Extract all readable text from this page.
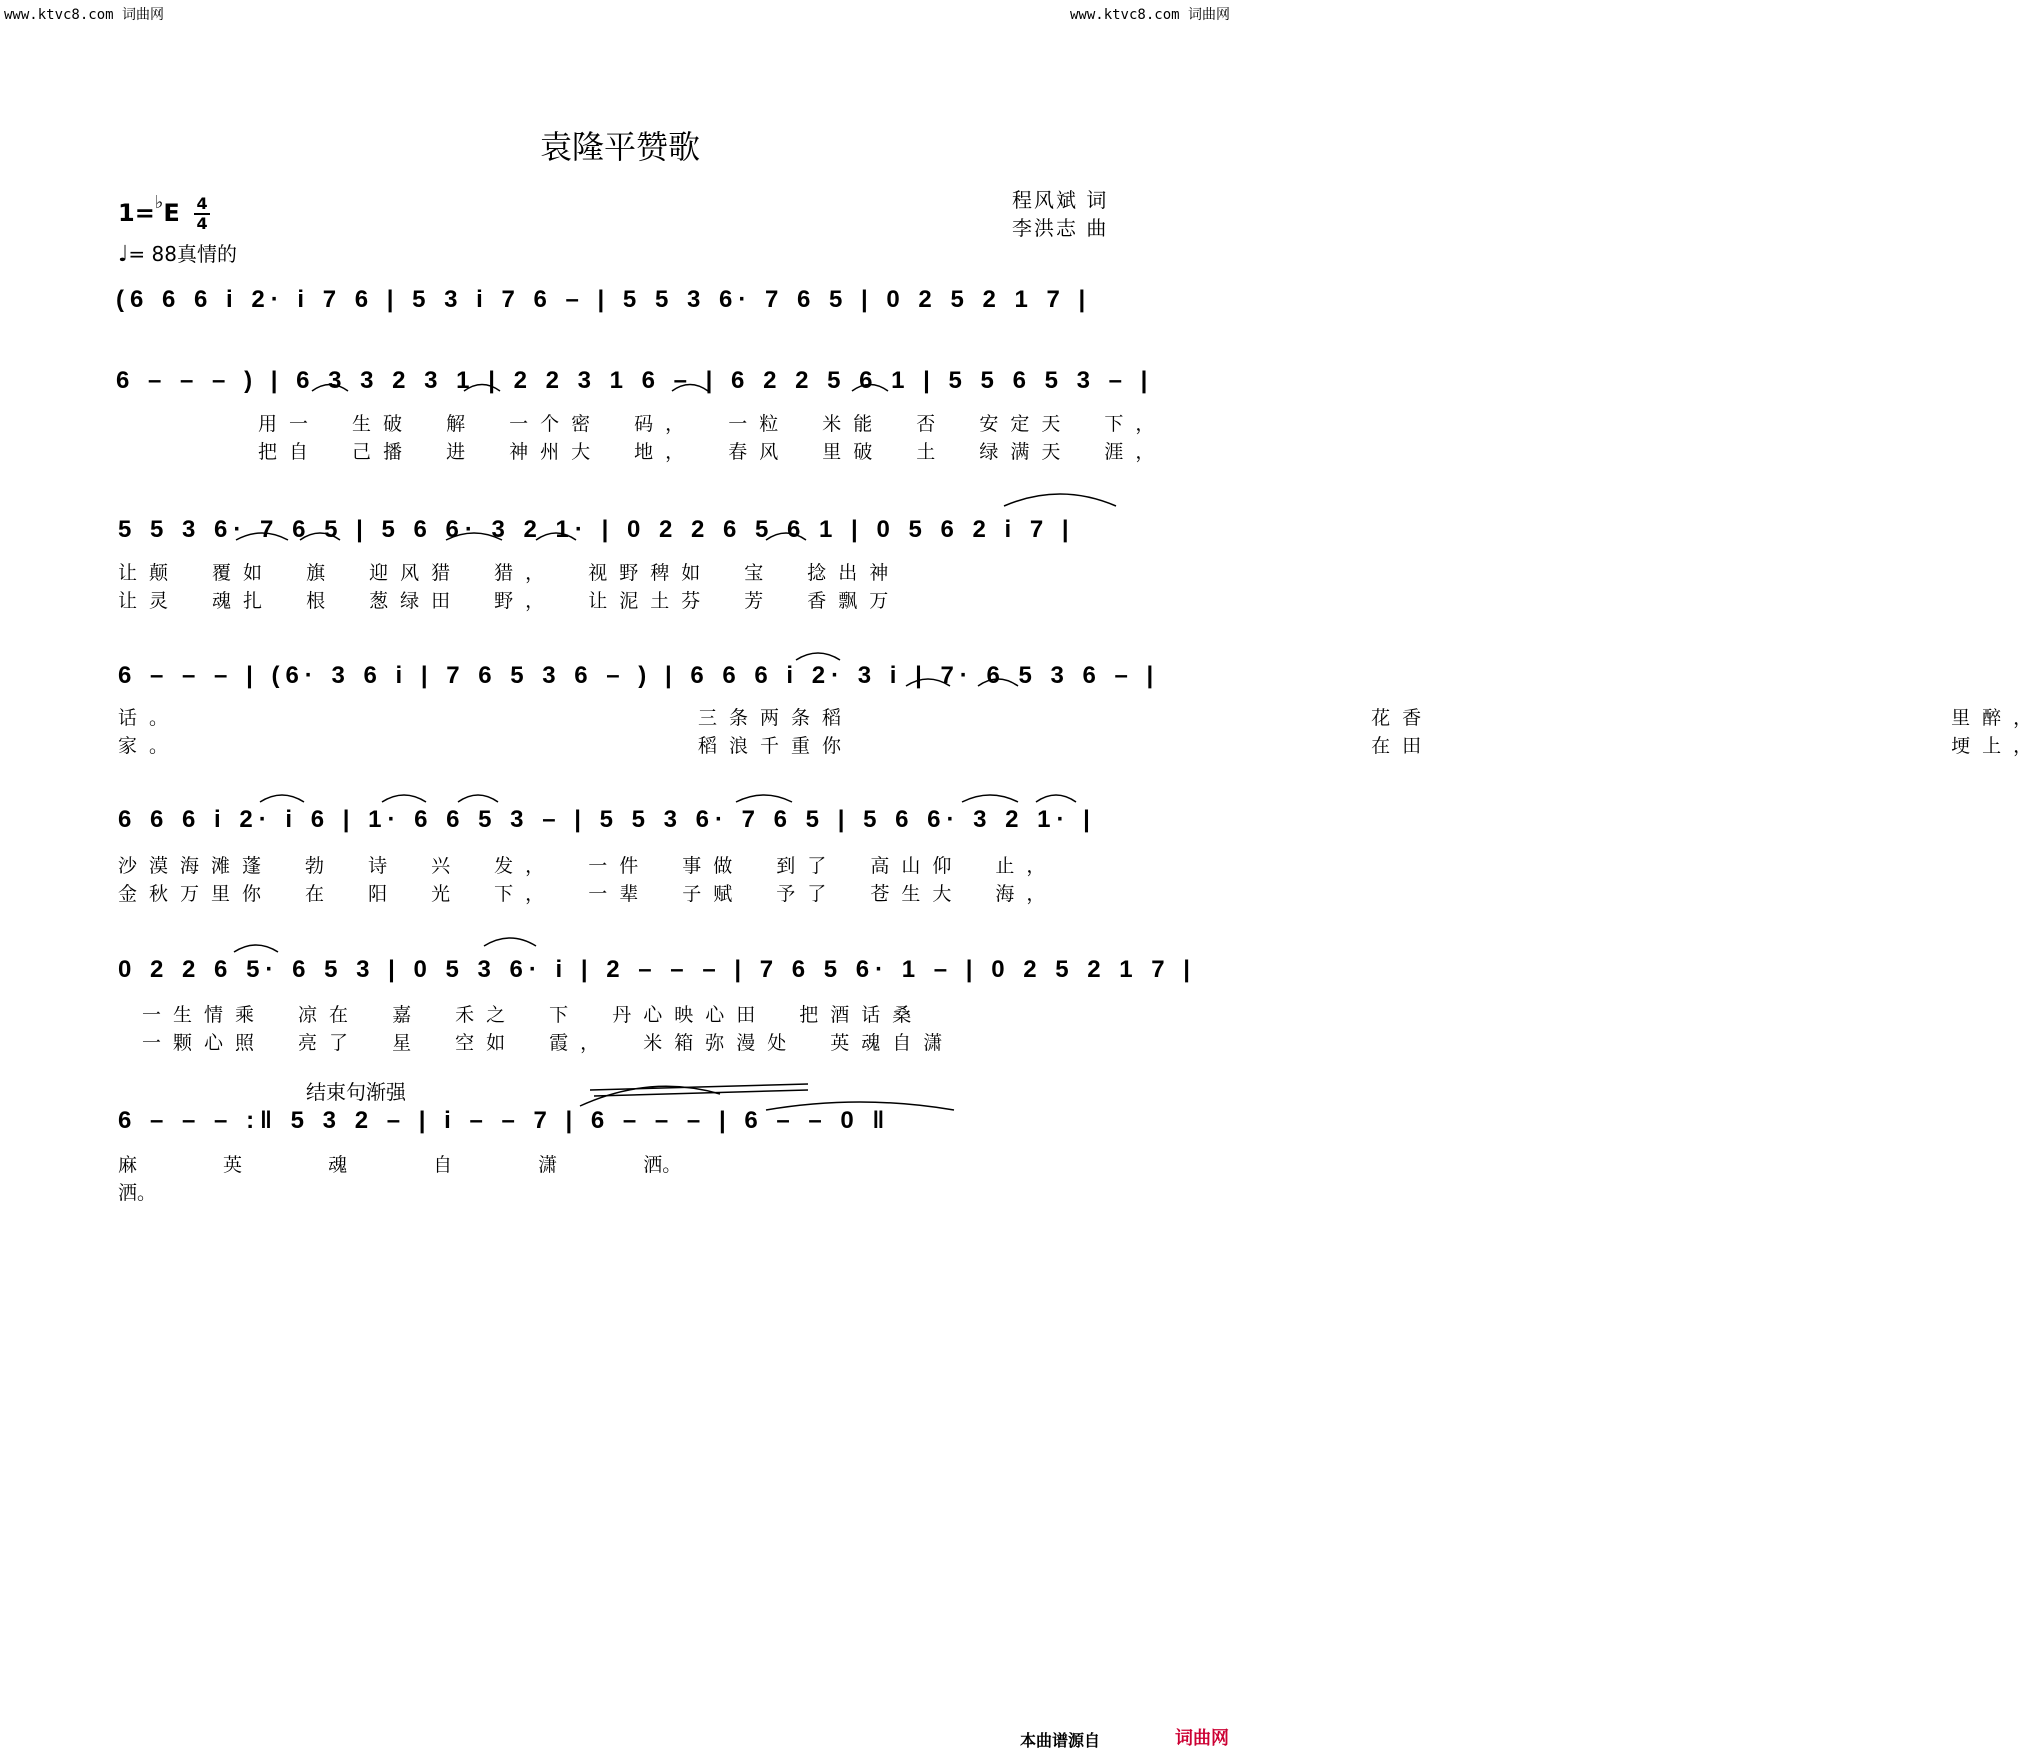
www.ktvc8.com 词曲网	www.ktvc8.com 词曲网
袁隆平赞歌
程风斌 词
李洪志 曲
$1=^♭E \frac{4}{4}$
♩= 88真情的
(6 6 6 i 2· i 7 6 | 5 3 i 7 6 – | 5 5 3 6· 7 6 5 | 0 2 5 2 1 7 |
6 – – – ) | 6 3 3 2 3 1 | 2 2 3 1 6 – | 6 2 2 5 6 1 | 5 5 6 5 3 – |
用一 生破 解 一个密 码， 一粒 米能 否 安定天 下，
把自 己播 进 神州大 地， 春风 里破 土 绿满天 涯，
5 5 3 6· 7 6 5 | 5 6 6· 3 2 1· | 0 2 2 6 5 6 1 | 0 5 6 2 i 7 |
让颠 覆如 旗 迎风猎 猎， 视野稗如 宝 捻出神
让灵 魂扎 根 葱绿田 野， 让泥土芬 芳 香飘万
6 – – – | (6· 3 6 i | 7 6 5 3 6 – ) | 6 6 6 i 2· 3 i | 7· 6 5 3 6 – |
话。 三条两条稻 花香 里醉，
家。 稻浪千重你 在田 埂上，
6 6 6 i 2· i 6 | 1· 6 6 5 3 – | 5 5 3 6· 7 6 5 | 5 6 6· 3 2 1· |
沙漠海滩蓬 勃 诗 兴 发， 一件 事做 到了 高山仰 止，
金秋万里你 在 阳 光 下， 一辈 子赋 予了 苍生大 海，
0 2 2 6 5· 6 5 3 | 0 5 3 6· i | 2 – – – | 7 6 5 6· 1 – | 0 2 5 2 1 7 |
一生情乘 凉在 嘉 禾之 下 丹心映心田 把酒话桑
一颗心照 亮了 星 空如 霞， 米箱弥漫处 英魂自潇
结束句渐强
6 – – – :‖ 5 3 2 – | i – – 7 | 6 – – – | 6 – – 0 ‖
麻 英 魂 自 潇 洒。
洒。
本曲谱源自	词曲网
